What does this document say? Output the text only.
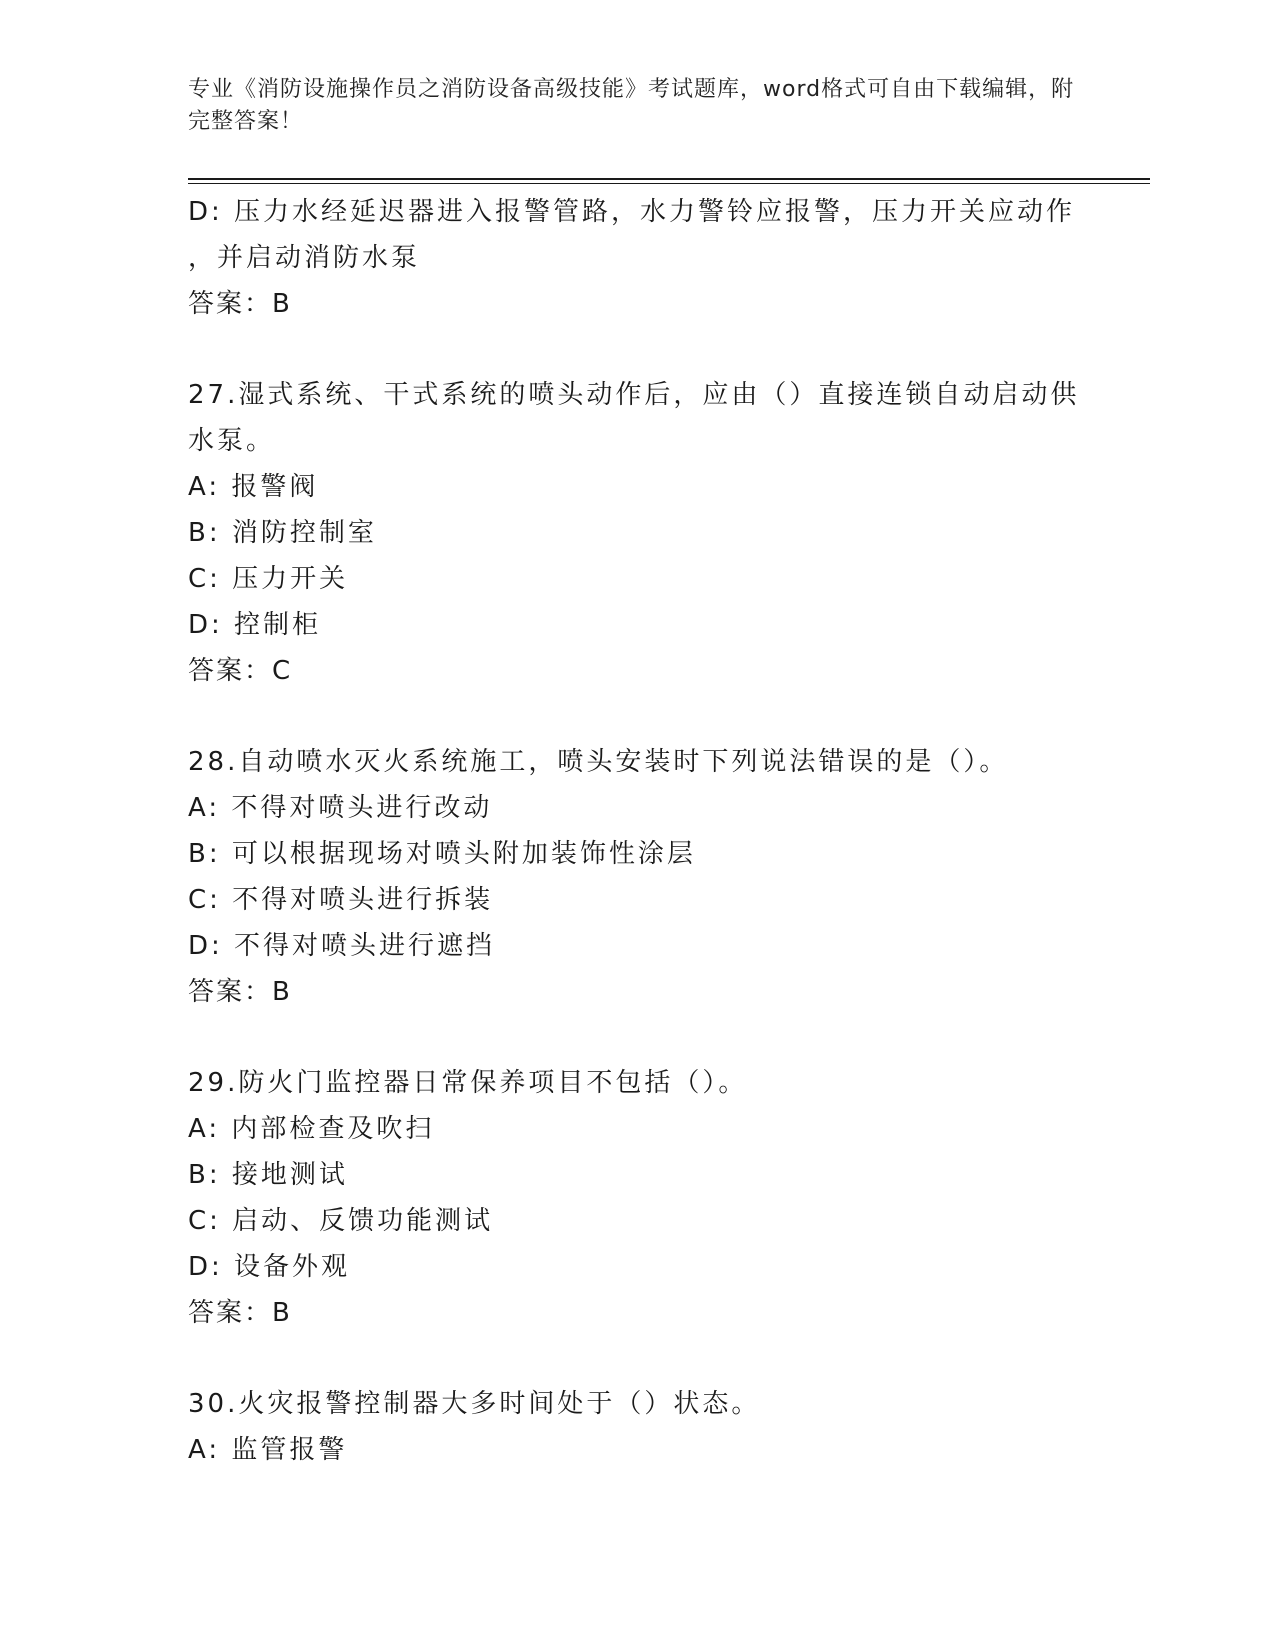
专业《消防设施操作员之消防设备高级技能》考试题库，word格式可自由下载编辑，附完整答案！
D: 压力水经延迟器进入报警管路，水力警铃应报警，压力开关应动作
，并启动消防水泵
答案：B
27.湿式系统、干式系统的喷头动作后，应由（）直接连锁自动启动供
水泵。
A: 报警阀
B: 消防控制室
C: 压力开关
D: 控制柜
答案：C
28.自动喷水灭火系统施工，喷头安装时下列说法错误的是（）。
A: 不得对喷头进行改动
B: 可以根据现场对喷头附加装饰性涂层
C: 不得对喷头进行拆装
D: 不得对喷头进行遮挡
答案：B
29.防火门监控器日常保养项目不包括（）。
A: 内部检查及吹扫
B: 接地测试
C: 启动、反馈功能测试
D: 设备外观
答案：B
30.火灾报警控制器大多时间处于（）状态。
A: 监管报警
